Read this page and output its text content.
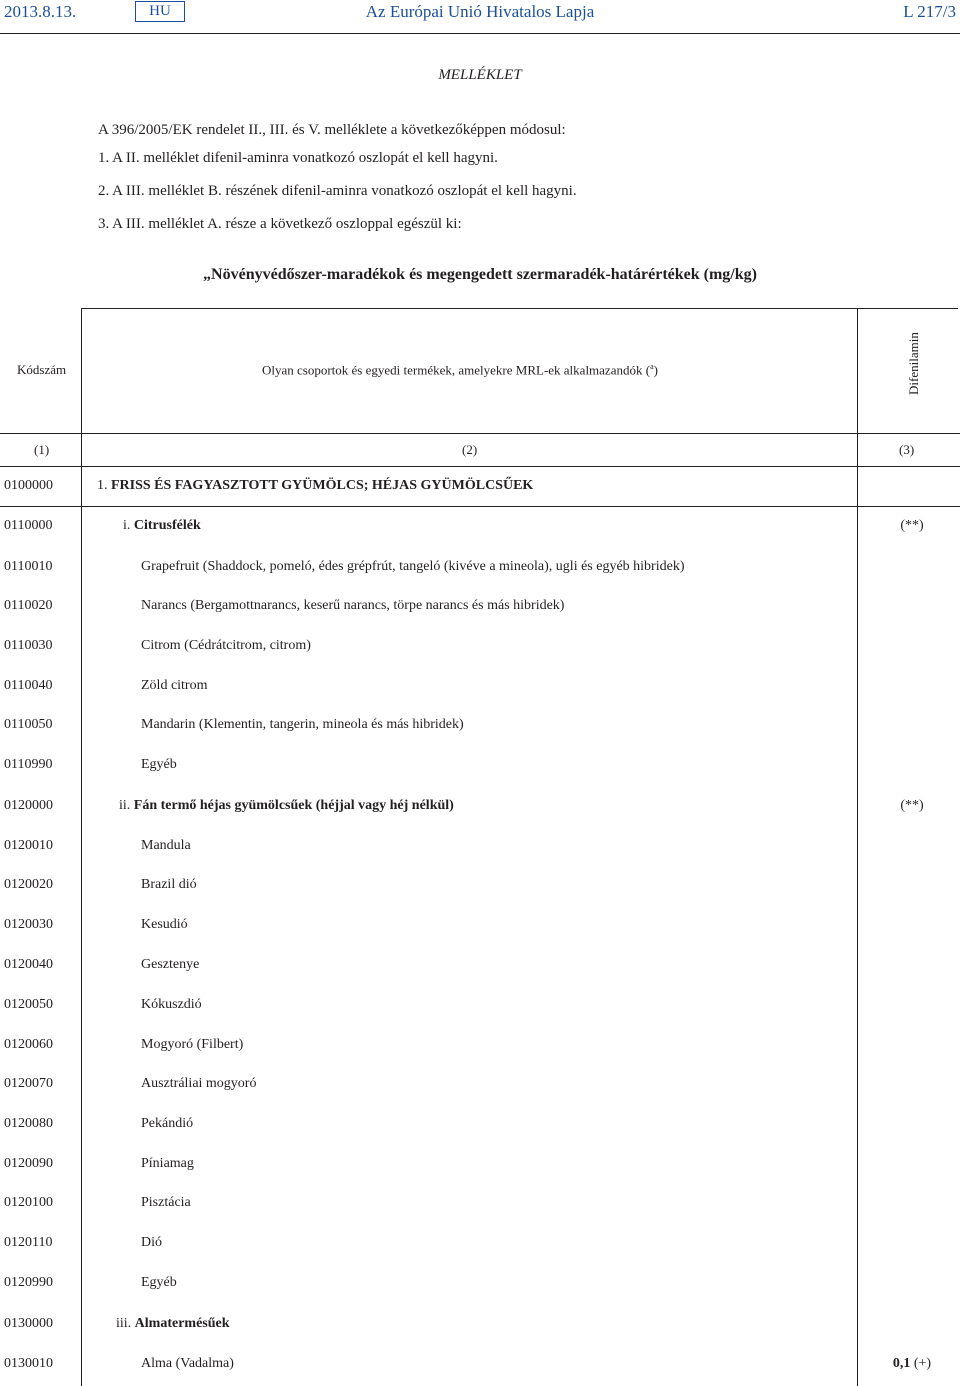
2013.8.13.	HU	Az Európai Unió Hivatalos Lapja	L 217/3
MELLÉKLET
A 396/2005/EK rendelet II., III. és V. melléklete a következőképpen módosul:
1. A II. melléklet difenil-aminra vonatkozó oszlopát el kell hagyni.
2. A III. melléklet B. részének difenil-aminra vonatkozó oszlopát el kell hagyni.
3. A III. melléklet A. része a következő oszloppal egészül ki:
„Növényvédőszer-maradékok és megengedett szermaradék-határértékek (mg/kg)
Kódszám	Olyan csoportok és egyedi termékek, amelyekre MRL-ek alkalmazandók ($^a$)	Difenilamin
(1)	(2)	(3)
0100000	1. FRISS ÉS FAGYASZTOTT GYÜMÖLCS; HÉJAS GYÜMÖLCSŰEK
0110000	i. Citrusfélék	(**)
0110010	Grapefruit (Shaddock, pomeló, édes grépfrút, tangeló (kivéve a mineola), ugli és egyéb hibridek)
0110020	Narancs (Bergamottnarancs, keserű narancs, törpe narancs és más hibridek)
0110030	Citrom (Cédrátcitrom, citrom)
0110040	Zöld citrom
0110050	Mandarin (Klementin, tangerin, mineola és más hibridek)
0110990	Egyéb
0120000	ii. Fán termő héjas gyümölcsűek (héjjal vagy héj nélkül)	(**)
0120010	Mandula
0120020	Brazil dió
0120030	Kesudió
0120040	Gesztenye
0120050	Kókuszdió
0120060	Mogyoró (Filbert)
0120070	Ausztráliai mogyoró
0120080	Pekándió
0120090	Píniamag
0120100	Pisztácia
0120110	Dió
0120990	Egyéb
0130000	iii. Almatermésűek
0130010	Alma (Vadalma)	0,1 (+)
